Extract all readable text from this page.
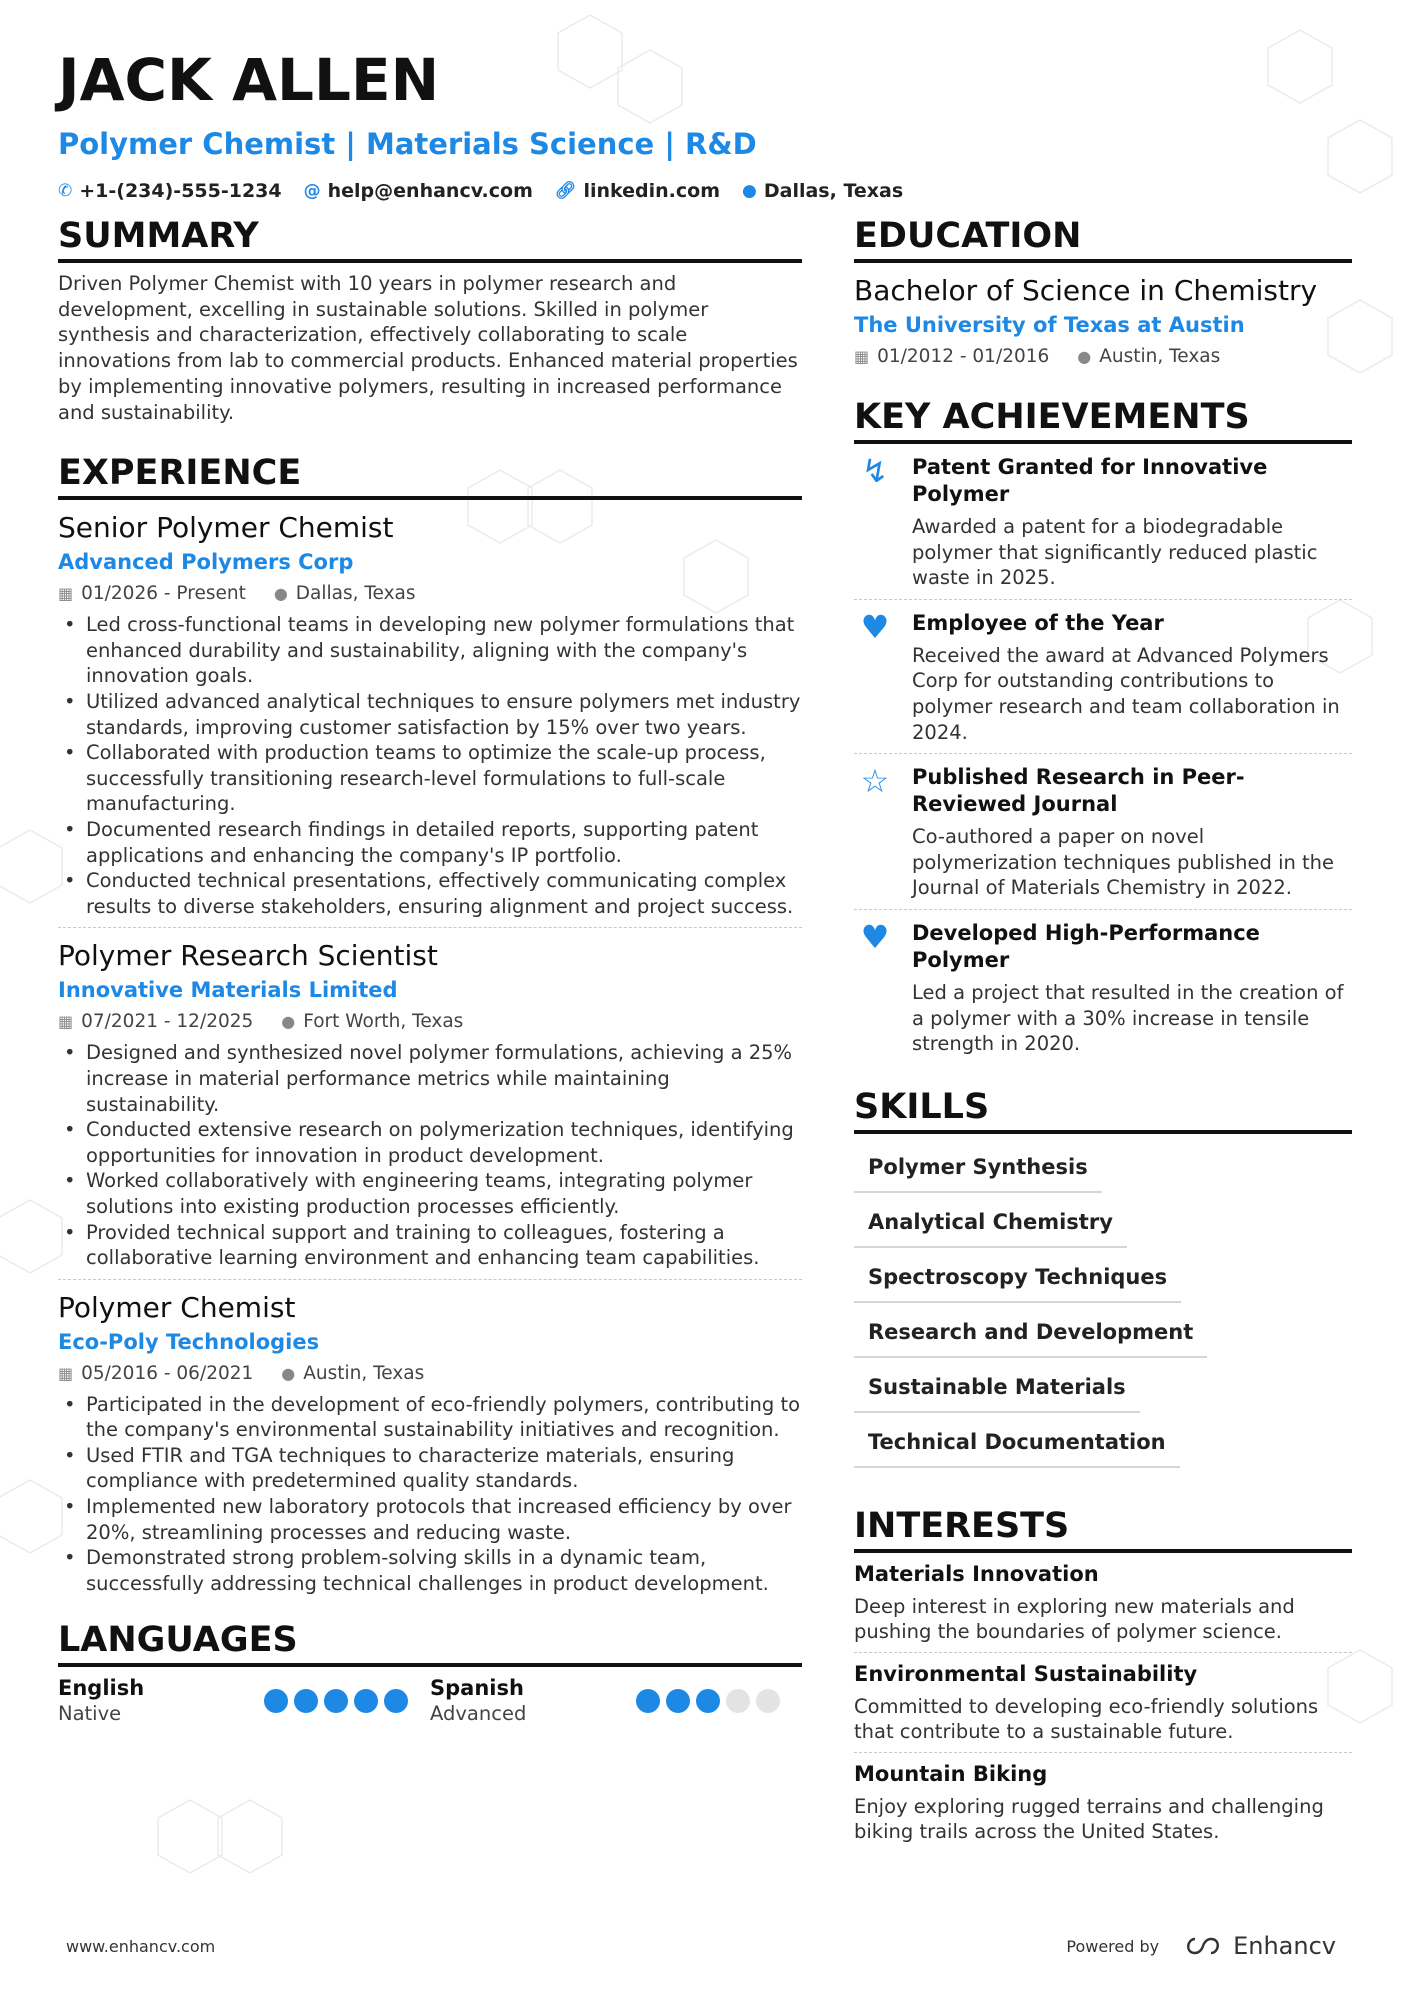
JACK ALLEN
Polymer Chemist | Materials Science | R&D
✆ +1-(234)-555-1234 @ help@enhancv.com 🔗︎ linkedin.com ● Dallas, Texas
SUMMARY
Driven Polymer Chemist with 10 years in polymer research and development, excelling in sustainable solutions. Skilled in polymer synthesis and characterization, effectively collaborating to scale innovations from lab to commercial products. Enhanced material properties by implementing innovative polymers, resulting in increased performance and sustainability.
EXPERIENCE
Senior Polymer Chemist
Advanced Polymers Corp
▦ 01/2026 - Present ● Dallas, Texas
• Led cross-functional teams in developing new polymer formulations that enhanced durability and sustainability, aligning with the company's innovation goals.
• Utilized advanced analytical techniques to ensure polymers met industry standards, improving customer satisfaction by 15% over two years.
• Collaborated with production teams to optimize the scale-up process, successfully transitioning research-level formulations to full-scale manufacturing.
• Documented research findings in detailed reports, supporting patent applications and enhancing the company's IP portfolio.
• Conducted technical presentations, effectively communicating complex results to diverse stakeholders, ensuring alignment and project success.
Polymer Research Scientist
Innovative Materials Limited
▦ 07/2021 - 12/2025 ● Fort Worth, Texas
• Designed and synthesized novel polymer formulations, achieving a 25% increase in material performance metrics while maintaining sustainability.
• Conducted extensive research on polymerization techniques, identifying opportunities for innovation in product development.
• Worked collaboratively with engineering teams, integrating polymer solutions into existing production processes efficiently.
• Provided technical support and training to colleagues, fostering a collaborative learning environment and enhancing team capabilities.
Polymer Chemist
Eco-Poly Technologies
▦ 05/2016 - 06/2021 ● Austin, Texas
• Participated in the development of eco-friendly polymers, contributing to the company's environmental sustainability initiatives and recognition.
• Used FTIR and TGA techniques to characterize materials, ensuring compliance with predetermined quality standards.
• Implemented new laboratory protocols that increased efficiency by over 20%, streamlining processes and reducing waste.
• Demonstrated strong problem-solving skills in a dynamic team, successfully addressing technical challenges in product development.
LANGUAGES
English
Native
Spanish
Advanced
EDUCATION
Bachelor of Science in Chemistry
The University of Texas at Austin
▦ 01/2012 - 01/2016 ● Austin, Texas
KEY ACHIEVEMENTS
↯	Patent Granted for Innovative Polymer
Awarded a patent for a biodegradable polymer that significantly reduced plastic waste in 2025.
♥	Employee of the Year
Received the award at Advanced Polymers Corp for outstanding contributions to polymer research and team collaboration in 2024.
☆	Published Research in Peer-Reviewed Journal
Co-authored a paper on novel polymerization techniques published in the Journal of Materials Chemistry in 2022.
♥	Developed High-Performance Polymer
Led a project that resulted in the creation of a polymer with a 30% increase in tensile strength in 2020.
SKILLS
Polymer Synthesis
Analytical Chemistry
Spectroscopy Techniques
Research and Development
Sustainable Materials
Technical Documentation
INTERESTS
Materials Innovation
Deep interest in exploring new materials and pushing the boundaries of polymer science.
Environmental Sustainability
Committed to developing eco-friendly solutions that contribute to a sustainable future.
Mountain Biking
Enjoy exploring rugged terrains and challenging biking trails across the United States.
www.enhancv.com	Powered by	Enhancv
